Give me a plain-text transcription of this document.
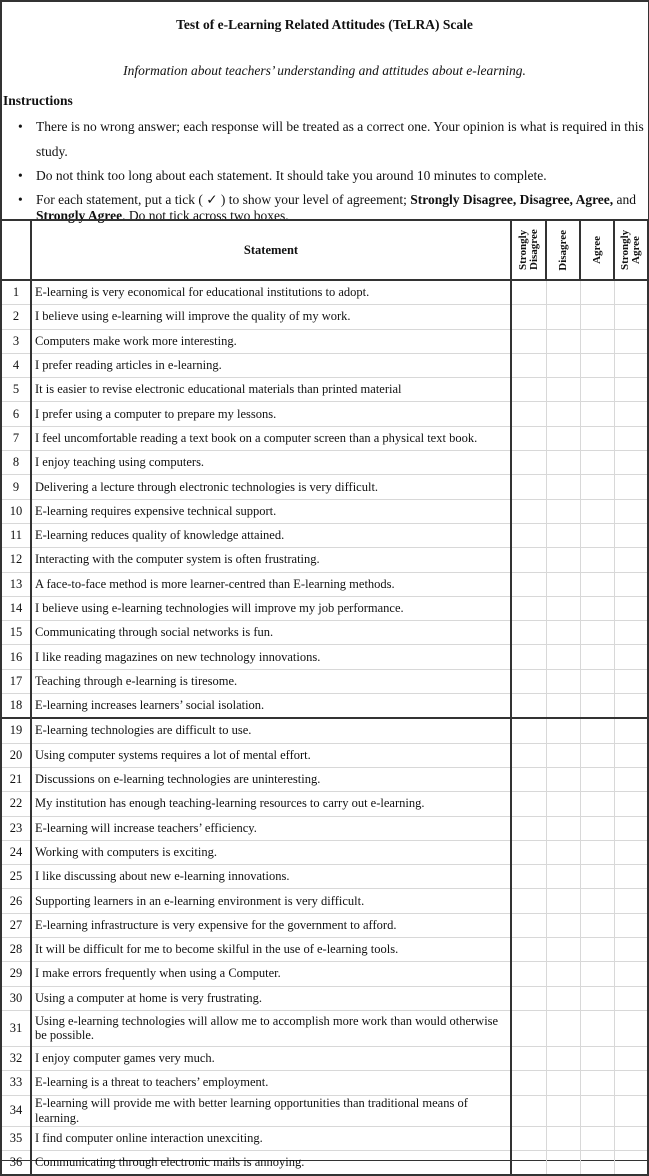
Test of e-Learning Related Attitudes (TeLRA) Scale
Information about teachers’ understanding and attitudes about e-learning.
Instructions
• There is no wrong answer; each response will be treated as a correct one. Your opinion is what is required in this study.
• Do not think too long about each statement. It should take you around 10 minutes to complete.
• For each statement, put a tick ( ✓ ) to show your level of agreement; Strongly Disagree, Disagree, Agree, and Strongly Agree. Do not tick across two boxes.
	Statement	Strongly Disagree	Disagree	Agree	Strongly Agree

1	E-learning is very economical for educational institutions to adopt.				
2	I believe using e-learning will improve the quality of my work.				
3	Computers make work more interesting.				
4	I prefer reading articles in e-learning.				
5	It is easier to revise electronic educational materials than printed material				
6	I prefer using a computer to prepare my lessons.				
7	I feel uncomfortable reading a text book on a computer screen than a physical text book.				
8	I enjoy teaching using computers.				
9	Delivering a lecture through electronic technologies is very difficult.				
10	E-learning requires expensive technical support.				
11	E-learning reduces quality of knowledge attained.				
12	Interacting with the computer system is often frustrating.				
13	A face-to-face method is more learner-centred than E-learning methods.				
14	I believe using e-learning technologies will improve my job performance.				
15	Communicating through social networks is fun.				
16	I like reading magazines on new technology innovations.				
17	Teaching through e-learning is tiresome.				
18	E-learning increases learners’ social isolation.				
19	E-learning technologies are difficult to use.				
20	Using computer systems requires a lot of mental effort.				
21	Discussions on e-learning technologies are uninteresting.				
22	My institution has enough teaching-learning resources to carry out e-learning.				
23	E-learning will increase teachers’ efficiency.				
24	Working with computers is exciting.				
25	I like discussing about new e-learning innovations.				
26	Supporting learners in an e-learning environment is very difficult.				
27	E-learning infrastructure is very expensive for the government to afford.				
28	It will be difficult for me to become skilful in the use of e-learning tools.				
29	I make errors frequently when using a Computer.				
30	Using a computer at home is very frustrating.				
31	Using e-learning technologies will allow me to accomplish more work than would otherwise be possible.				
32	I enjoy computer games very much.				
33	E-learning is a threat to teachers’ employment.				
34	E-learning will provide me with better learning opportunities than traditional means of learning.				
35	I find computer online interaction unexciting.				
36	Communicating through electronic mails is annoying.				
